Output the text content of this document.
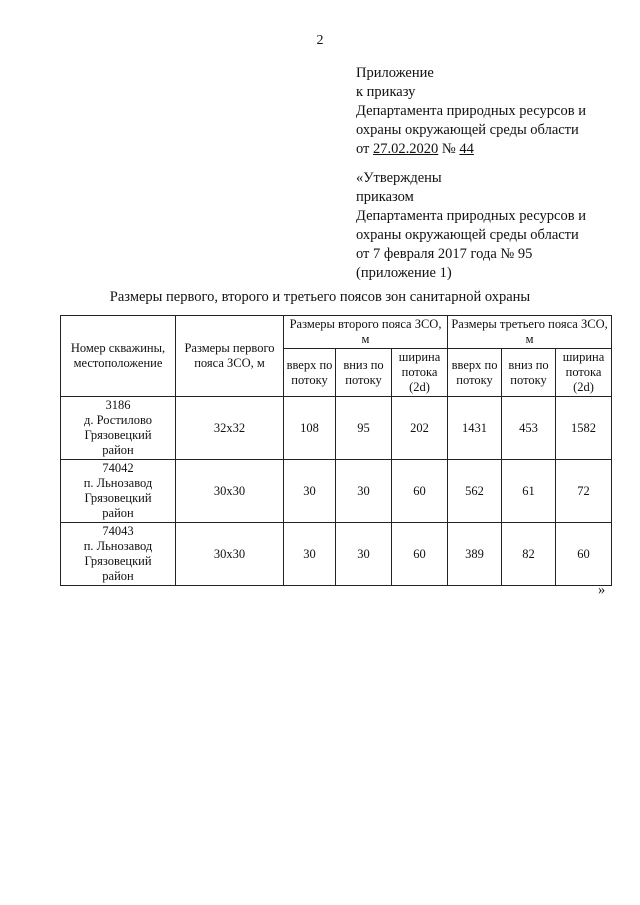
2
Приложение
к приказу
Департамента природных ресурсов и
охраны окружающей среды области
от 27.02.2020 № 44
«Утверждены
приказом
Департамента природных ресурсов и
охраны окружающей среды области
от 7 февраля 2017 года № 95
(приложение 1)
Размеры первого, второго и третьего поясов зон санитарной охраны
Номер скважины, местоположение	Размеры первого пояса ЗСО, м	Размеры второго пояса ЗСО, м			Размеры третьего пояса ЗСО, м		
		вверх по потоку	вниз по потоку	ширина потока (2d)	вверх по потоку	вниз по потоку	ширина потока (2d)

3186
д. Ростилово
Грязовецкий
район	32x32	108	95	202	1431	453	1582

74042
п. Льнозавод
Грязовецкий
район	30x30	30	30	60	562	61	72

74043
п. Льнозавод
Грязовецкий
район	30x30	30	30	60	389	82	60
»
